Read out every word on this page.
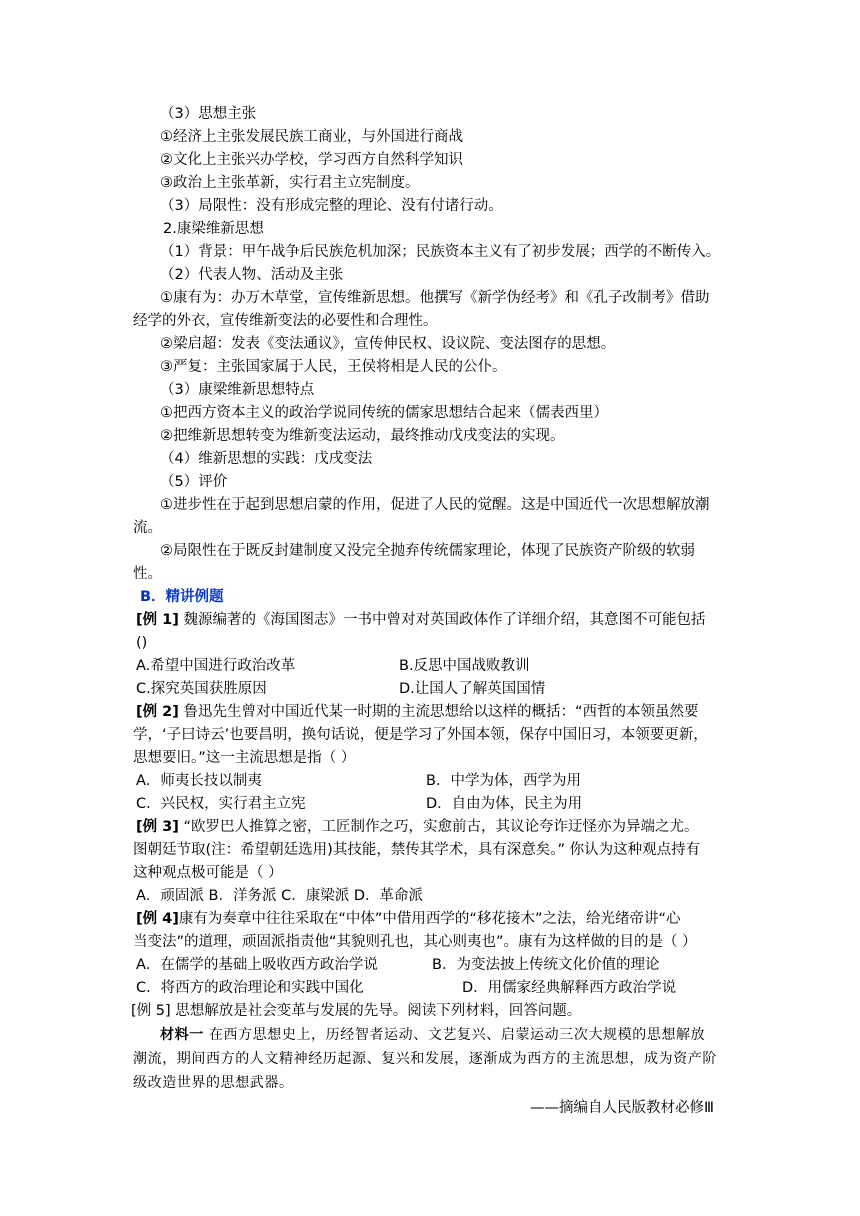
（3）思想主张
①经济上主张发展民族工商业，与外国进行商战
②文化上主张兴办学校，学习西方自然科学知识
③政治上主张革新，实行君主立宪制度。
（3）局限性：没有形成完整的理论、没有付诸行动。
2.康梁维新思想
（1）背景：甲午战争后民族危机加深；民族资本主义有了初步发展；西学的不断传入。
（2）代表人物、活动及主张
①康有为：办万木草堂，宣传维新思想。他撰写《新学伪经考》和《孔子改制考》借助
经学的外衣，宣传维新变法的必要性和合理性。
②梁启超：发表《变法通议》，宣传伸民权、设议院、变法图存的思想。
③严复：主张国家属于人民，王侯将相是人民的公仆。
（3）康梁维新思想特点
①把西方资本主义的政治学说同传统的儒家思想结合起来（儒表西里）
②把维新思想转变为维新变法运动，最终推动戊戌变法的实现。
（4）维新思想的实践：戊戌变法
（5）评价
①进步性在于起到思想启蒙的作用，促进了人民的觉醒。这是中国近代一次思想解放潮
流。
②局限性在于既反封建制度又没完全抛弃传统儒家理论，体现了民族资产阶级的软弱
性。
B．精讲例题
[例 1] 魏源编著的《海国图志》一书中曾对对英国政体作了详细介绍，其意图不可能包括
()
A.希望中国进行政治改革	B.反思中国战败教训
C.探究英国获胜原因	D.让国人了解英国国情
[例 2] 鲁迅先生曾对中国近代某一时期的主流思想给以这样的概括：“西哲的本领虽然要
学，‘子曰诗云’也要昌明，换句话说，便是学习了外国本领，保存中国旧习，本领要更新，
思想要旧。”这一主流思想是指（ ）
A．师夷长技以制夷	B．中学为体，西学为用
C．兴民权，实行君主立宪	D．自由为体，民主为用
[例 3] “欧罗巴人推算之密，工匠制作之巧，实愈前古，其议论夸诈迂怪亦为异端之尤。
图朝廷节取(注：希望朝廷选用)其技能，禁传其学术，具有深意矣。” 你认为这种观点持有
这种观点极可能是（ ）
A．顽固派 B．洋务派 C．康梁派 D．革命派
[例 4]康有为奏章中往往采取在“中体”中借用西学的“移花接木”之法，给光绪帝讲“心
当变法”的道理，顽固派指责他“其貌则孔也，其心则夷也”。康有为这样做的目的是（ ）
A．在儒学的基础上吸收西方政治学说	B．为变法披上传统文化价值的理论
C．将西方的政治理论和实践中国化	D．用儒家经典解释西方政治学说
[例 5] 思想解放是社会变革与发展的先导。阅读下列材料，回答问题。
材料一 在西方思想史上，历经智者运动、文艺复兴、启蒙运动三次大规模的思想解放
潮流，期间西方的人文精神经历起源、复兴和发展，逐渐成为西方的主流思想，成为资产阶
级改造世界的思想武器。
——摘编自人民版教材必修Ⅲ
